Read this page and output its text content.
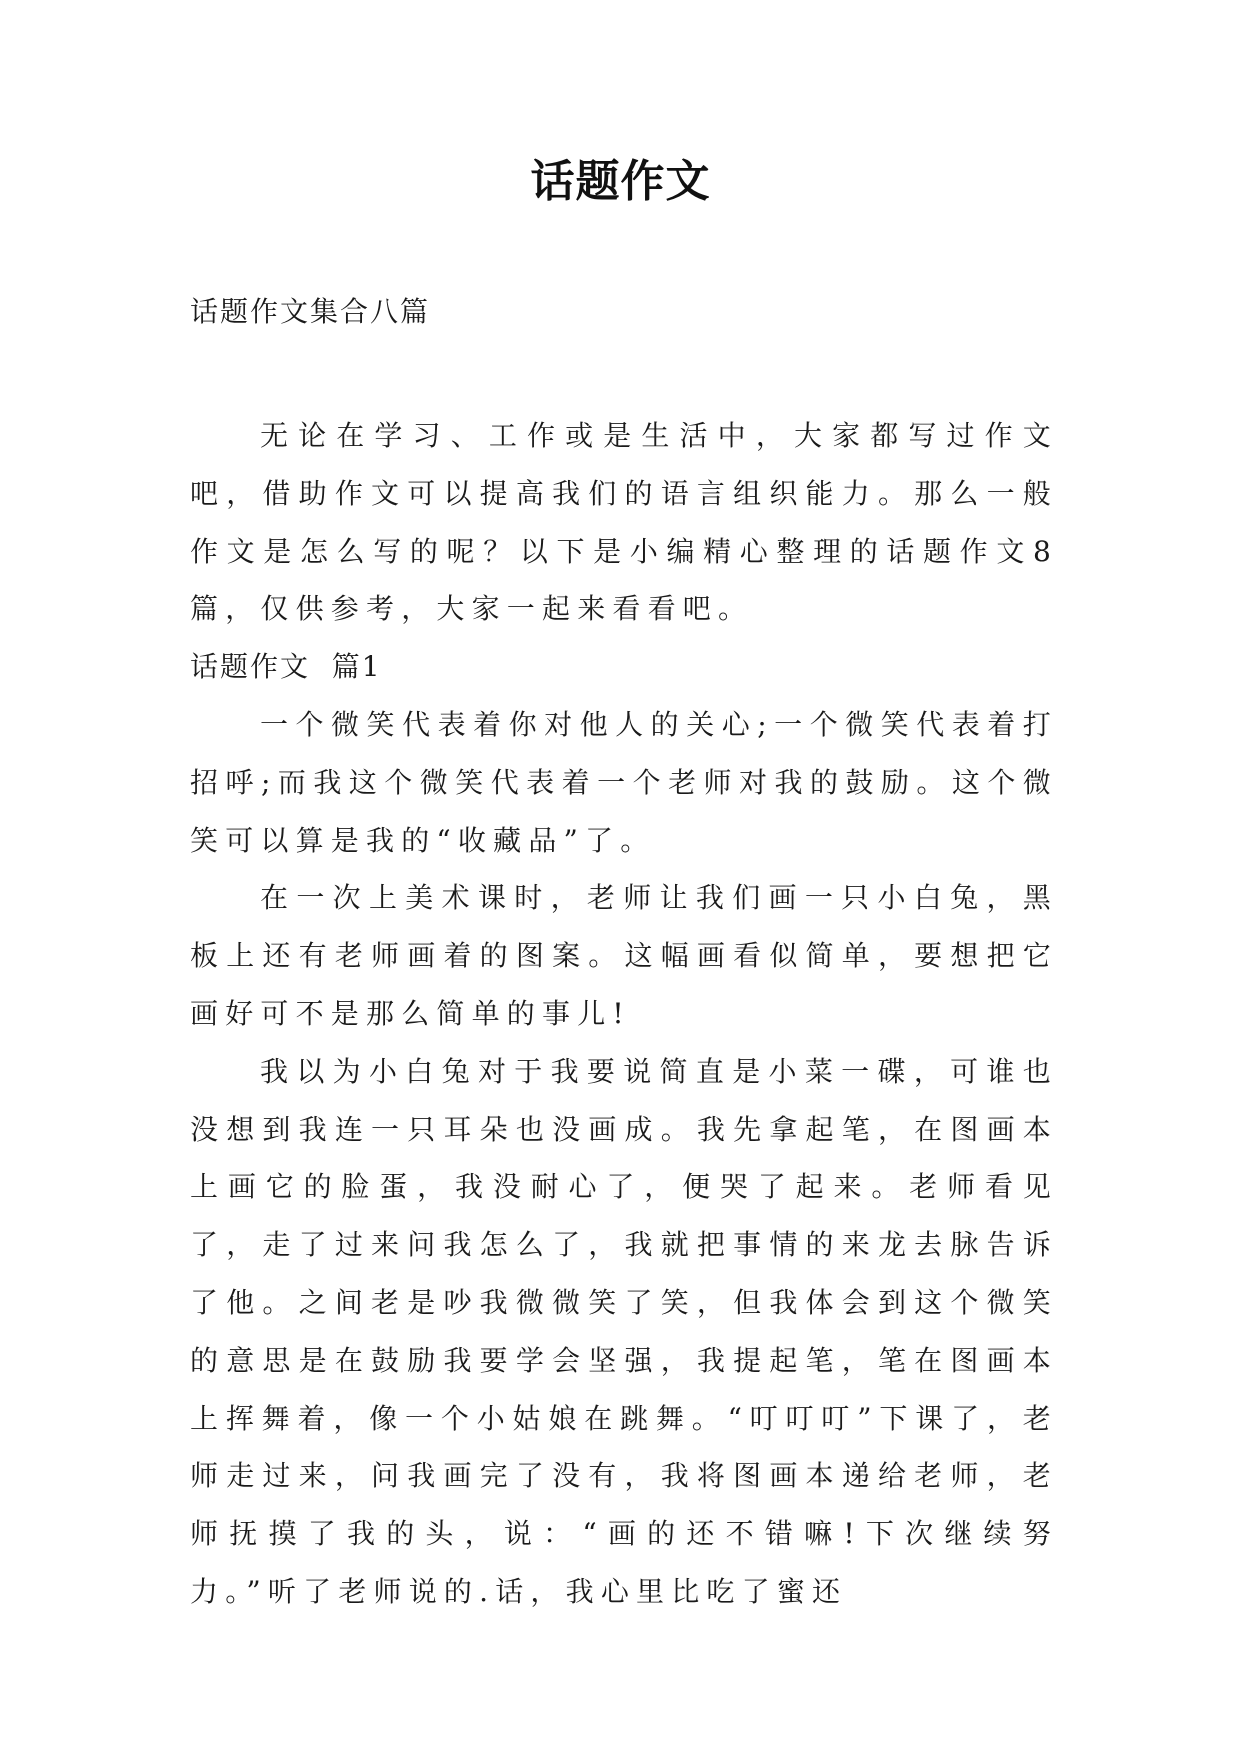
话题作文
话题作文集合八篇

无论在学习、工作或是生活中，大家都写过作文吧，借助作文可以提高我们的语言组织能力。那么一般作文是怎么写的呢？以下是小编精心整理的话题作文8篇，仅供参考，大家一起来看看吧。

话题作文  篇1

一个微笑代表着你对他人的关心;一个微笑代表着打招呼;而我这个微笑代表着一个老师对我的鼓励。这个微笑可以算是我的“收藏品”了。

在一次上美术课时，老师让我们画一只小白兔，黑板上还有老师画着的图案。这幅画看似简单，要想把它画好可不是那么简单的事儿!

我以为小白兔对于我要说简直是小菜一碟，可谁也没想到我连一只耳朵也没画成。我先拿起笔，在图画本上画它的脸蛋，我没耐心了，便哭了起来。老师看见了，走了过来问我怎么了，我就把事情的来龙去脉告诉了他。之间老是吵我微微笑了笑，但我体会到这个微笑的意思是在鼓励我要学会坚强，我提起笔，笔在图画本上挥舞着，像一个小姑娘在跳舞。“叮叮叮”下课了，老师走过来，问我画完了没有，我将图画本递给老师，老师抚摸了我的头，说：“画的还不错嘛!下次继续努力。”听了老师说的.话，我心里比吃了蜜还
